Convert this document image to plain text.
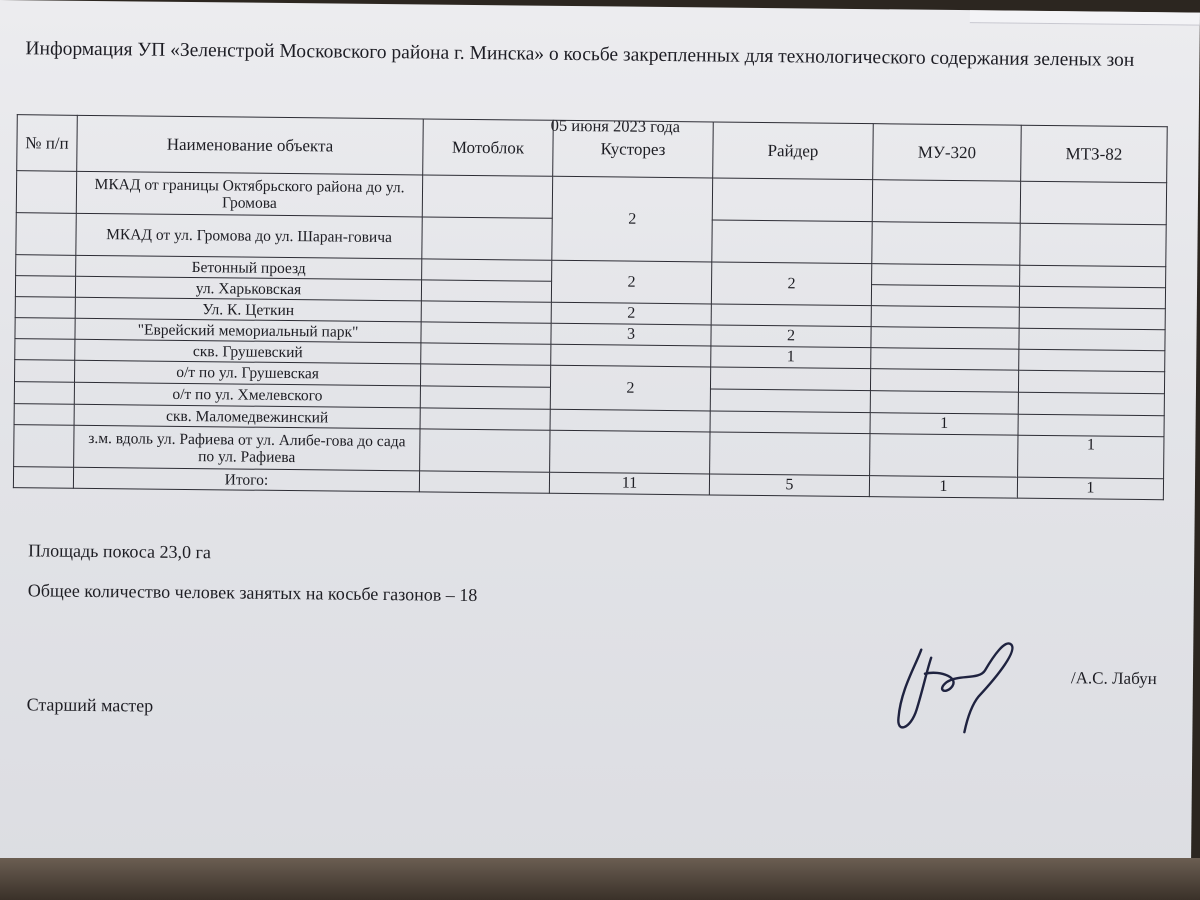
Информация УП «Зеленстрой Московского района г. Минска» о косьбе закрепленных для технологического содержания зеленых зон
05 июня 2023 года
№ п/п	Наименование объекта	Мотоблок	Кусторез	Райдер	МУ-320	МТЗ-82
	МКАД от границы Октябрьского района до ул. Громова		2			
	МКАД от ул. Громова до ул. Шаран-говича					
	Бетонный проезд		2	2		
	ул. Харьковская					
	Ул. К. Цеткин		2			
	"Еврейский мемориальный парк"		3	2		
	скв. Грушевский			1		
	о/т по ул. Грушевская		2			
	о/т по ул. Хмелевского					
	скв. Маломедвежинский				1	
	з.м. вдоль ул. Рафиева от ул. Алибе-гова до сада по ул. Рафиева					1
	Итого:		11	5	1	1
Площадь покоса 23,0 га
Общее количество человек занятых на косьбе газонов – 18
Старший мастер
/А.С. Лабун
